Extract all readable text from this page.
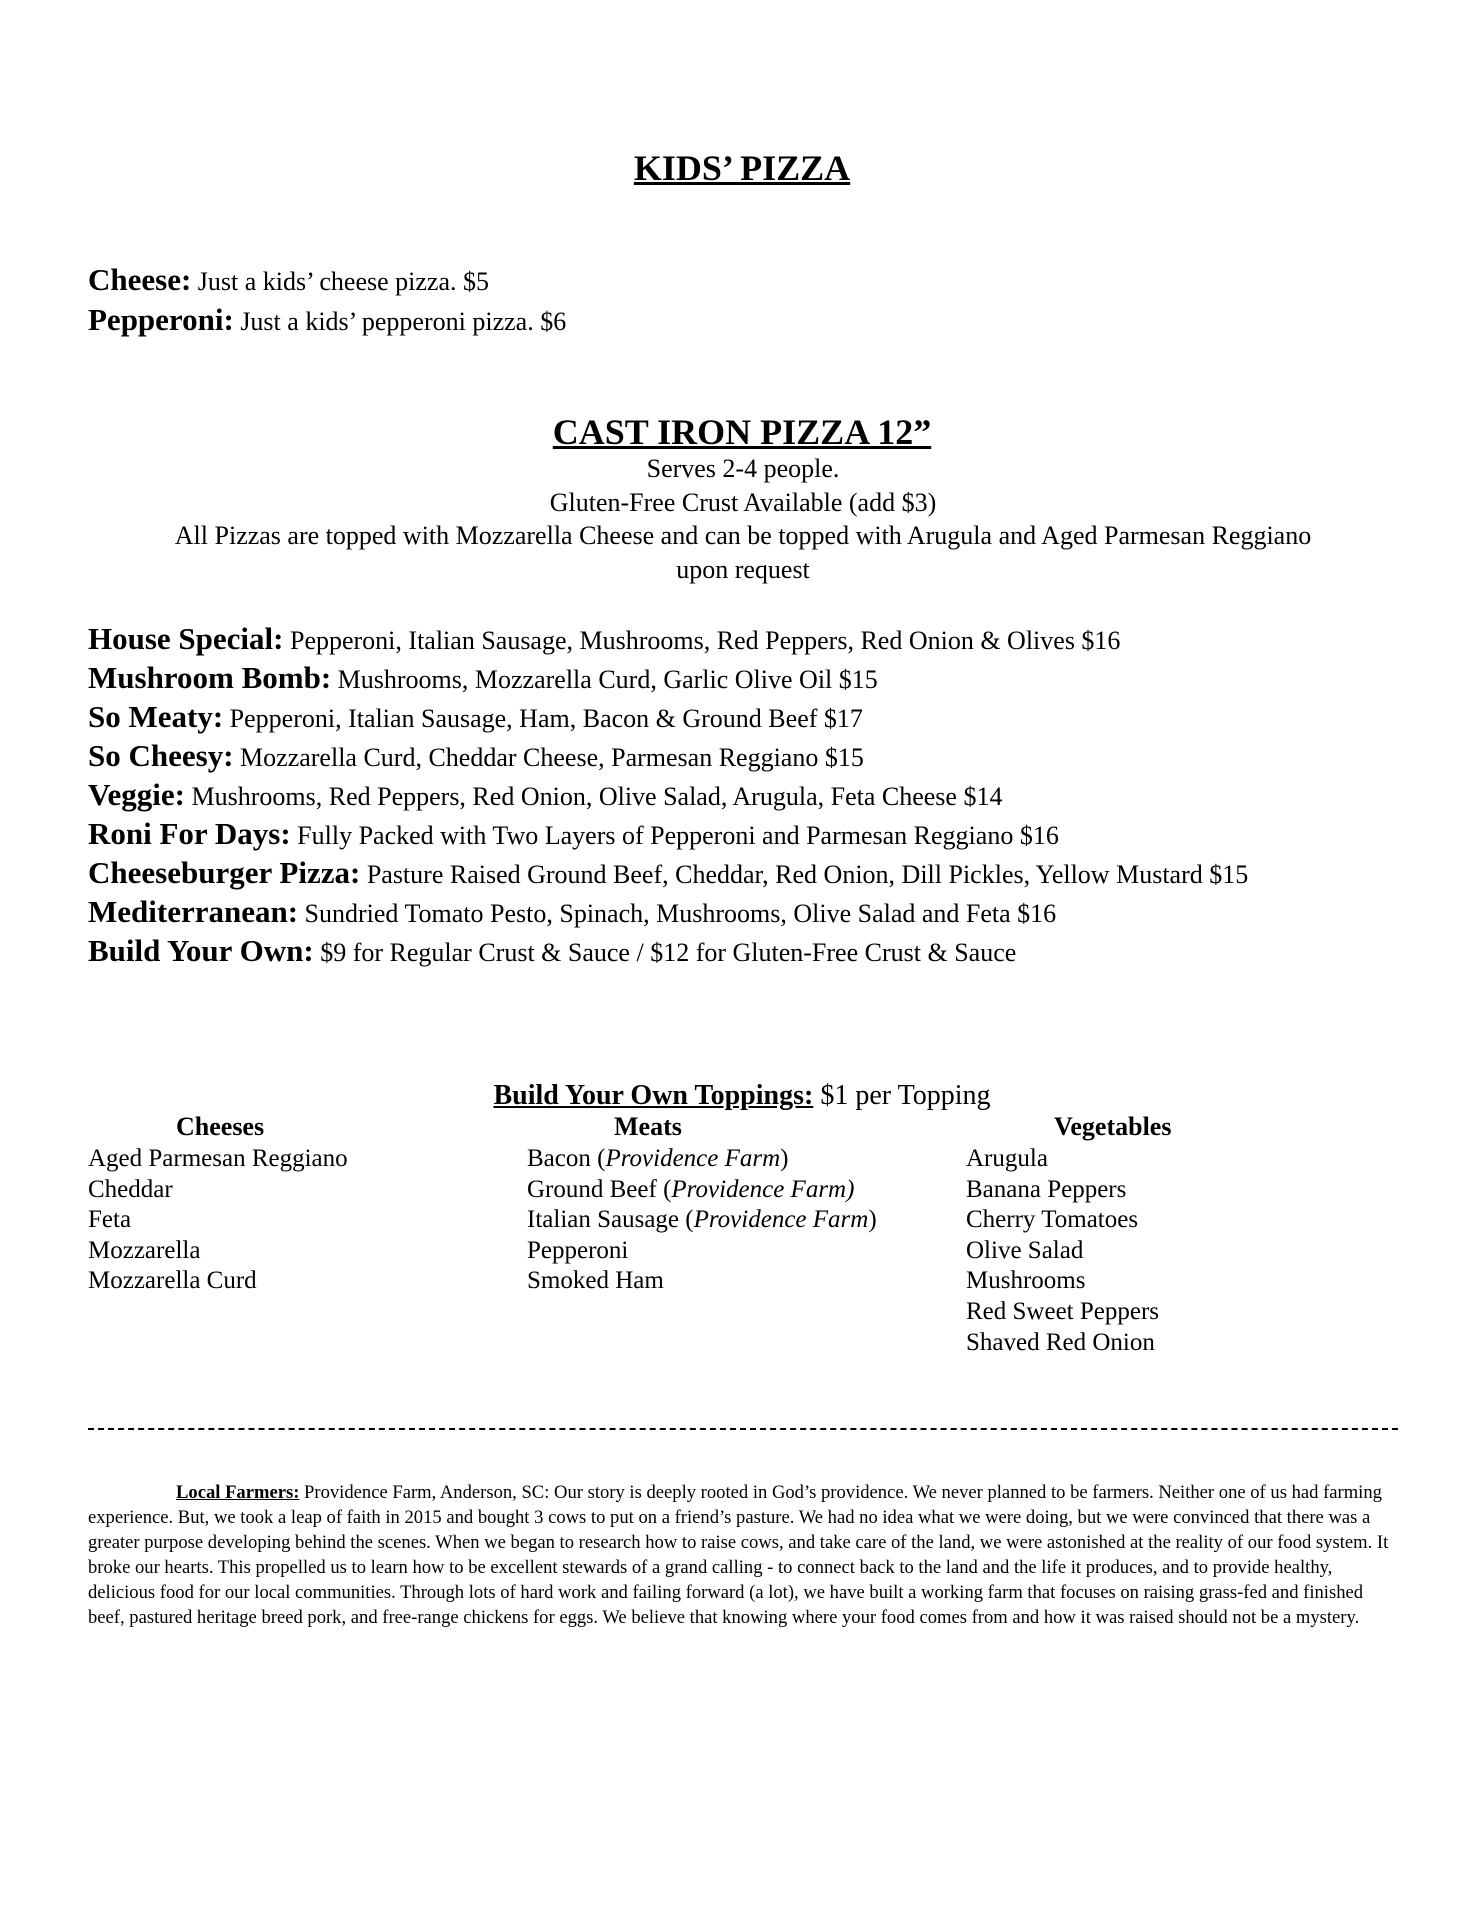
KIDS’ PIZZA
Cheese: Just a kids’ cheese pizza. $5
Pepperoni: Just a kids’ pepperoni pizza. $6
CAST IRON PIZZA 12”
Serves 2-4 people.
Gluten-Free Crust Available (add $3)
All Pizzas are topped with Mozzarella Cheese and can be topped with Arugula and Aged Parmesan Reggiano
upon request
House Special: Pepperoni, Italian Sausage, Mushrooms, Red Peppers, Red Onion & Olives $16
Mushroom Bomb: Mushrooms, Mozzarella Curd, Garlic Olive Oil $15
So Meaty: Pepperoni, Italian Sausage, Ham, Bacon & Ground Beef $17
So Cheesy: Mozzarella Curd, Cheddar Cheese, Parmesan Reggiano $15
Veggie: Mushrooms, Red Peppers, Red Onion, Olive Salad, Arugula, Feta Cheese $14
Roni For Days: Fully Packed with Two Layers of Pepperoni and Parmesan Reggiano $16
Cheeseburger Pizza: Pasture Raised Ground Beef, Cheddar, Red Onion, Dill Pickles, Yellow Mustard $15
Mediterranean: Sundried Tomato Pesto, Spinach, Mushrooms, Olive Salad and Feta $16
Build Your Own: $9 for Regular Crust & Sauce / $12 for Gluten-Free Crust & Sauce
Build Your Own Toppings: $1 per Topping
Cheeses
Aged Parmesan Reggiano
Cheddar
Feta
Mozzarella
Mozzarella Curd
Meats
Bacon (Providence Farm)
Ground Beef (Providence Farm)
Italian Sausage (Providence Farm)
Pepperoni
Smoked Ham
Vegetables
Arugula
Banana Peppers
Cherry Tomatoes
Olive Salad
Mushrooms
Red Sweet Peppers
Shaved Red Onion

Local Farmers: Providence Farm, Anderson, SC: Our story is deeply rooted in God’s providence. We never planned to be farmers. Neither one of us had farming experience. But, we took a leap of faith in 2015 and bought 3 cows to put on a friend’s pasture. We had no idea what we were doing, but we were convinced that there was a greater purpose developing behind the scenes. When we began to research how to raise cows, and take care of the land, we were astonished at the reality of our food system. It broke our hearts. This propelled us to learn how to be excellent stewards of a grand calling - to connect back to the land and the life it produces, and to provide healthy, delicious food for our local communities. Through lots of hard work and failing forward (a lot), we have built a working farm that focuses on raising grass-fed and finished beef, pastured heritage breed pork, and free-range chickens for eggs. We believe that knowing where your food comes from and how it was raised should not be a mystery.
